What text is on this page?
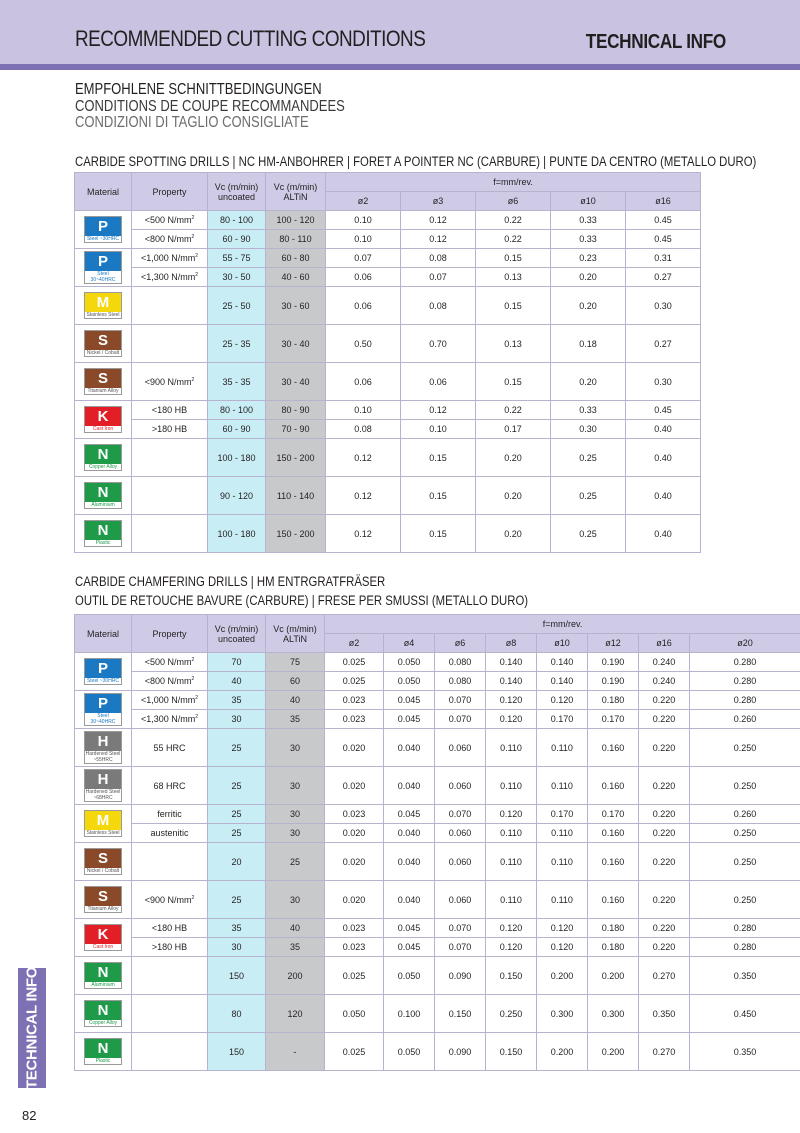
RECOMMENDED CUTTING CONDITIONS	TECHNICAL INFO
EMPFOHLENE SCHNITTBEDINGUNGEN
CONDITIONS DE COUPE RECOMMANDEES
CONDIZIONI DI TAGLIO CONSIGLIATE
CARBIDE SPOTTING DRILLS | NC HM-ANBOHRER | FORET A POINTER NC (CARBURE) | PUNTE DA CENTRO (METALLO DURO)
Material	Property	Vc (m/min)
uncoated	Vc (m/min)
ALTiN	f=mm/rev.				
				ø2	ø3	ø6	ø10	ø16

P
Steel ~30HRC	<500 $N/mm^2$	80 - 100	100 - 120	0.10	0.12	0.22	0.33	0.45
	<800 $N/mm^2$	60 - 90	80 - 110	0.10	0.12	0.22	0.33	0.45

P
Steel 30~40HRC	<1,000 $N/mm^2$	55 - 75	60 - 80	0.07	0.08	0.15	0.23	0.31
	<1,300 $N/mm^2$	30 - 50	40 - 60	0.06	0.07	0.13	0.20	0.27

M
Stainless Steel		25 - 50	30 - 60	0.06	0.08	0.15	0.20	0.30

S
Nickel / Cobalt		25 - 35	30 - 40	0.50	0.70	0.13	0.18	0.27

S
Titanium Alloy	<900 $N/mm^2$	35 - 35	30 - 40	0.06	0.06	0.15	0.20	0.30

K
Cast Iron	<180 HB	80 - 100	80 - 90	0.10	0.12	0.22	0.33	0.45
	>180 HB	60 - 90	70 - 90	0.08	0.10	0.17	0.30	0.40

N
Copper Alloy		100 - 180	150 - 200	0.12	0.15	0.20	0.25	0.40

N
Aluminium		90 - 120	110 - 140	0.12	0.15	0.20	0.25	0.40

N
Plastic		100 - 180	150 - 200	0.12	0.15	0.20	0.25	0.40
CARBIDE CHAMFERING DRILLS | HM ENTRGRATFRÄSER
OUTIL DE RETOUCHE BAVURE (CARBURE) | FRESE PER SMUSSI (METALLO DURO)
Material	Property	Vc (m/min)
uncoated	Vc (m/min)
ALTiN	f=mm/rev.							
				ø2	ø4	ø6	ø8	ø10	ø12	ø16	ø20

P
Steel ~30HRC	<500 $N/mm^2$	70	75	0.025	0.050	0.080	0.140	0.140	0.190	0.240	0.280
	<800 $N/mm^2$	40	60	0.025	0.050	0.080	0.140	0.140	0.190	0.240	0.280

P
Steel 30~40HRC	<1,000 $N/mm^2$	35	40	0.023	0.045	0.070	0.120	0.120	0.180	0.220	0.280
	<1,300 $N/mm^2$	30	35	0.023	0.045	0.070	0.120	0.170	0.170	0.220	0.260

H
Hardened Steel ~55HRC	55 HRC	25	30	0.020	0.040	0.060	0.110	0.110	0.160	0.220	0.250

H
Hardened Steel ~68HRC	68 HRC	25	30	0.020	0.040	0.060	0.110	0.110	0.160	0.220	0.250

M
Stainless Steel	ferritic	25	30	0.023	0.045	0.070	0.120	0.170	0.170	0.220	0.260
	austenitic	25	30	0.020	0.040	0.060	0.110	0.110	0.160	0.220	0.250

S
Nickel / Cobalt		20	25	0.020	0.040	0.060	0.110	0.110	0.160	0.220	0.250

S
Titanium Alloy	<900 $N/mm^2$	25	30	0.020	0.040	0.060	0.110	0.110	0.160	0.220	0.250

K
Cast Iron	<180 HB	35	40	0.023	0.045	0.070	0.120	0.120	0.180	0.220	0.280
	>180 HB	30	35	0.023	0.045	0.070	0.120	0.120	0.180	0.220	0.280

N
Aluminium		150	200	0.025	0.050	0.090	0.150	0.200	0.200	0.270	0.350

N
Copper Alloy		80	120	0.050	0.100	0.150	0.250	0.300	0.300	0.350	0.450

N
Plastic		150	-	0.025	0.050	0.090	0.150	0.200	0.200	0.270	0.350
TECHNICAL INFO
82
